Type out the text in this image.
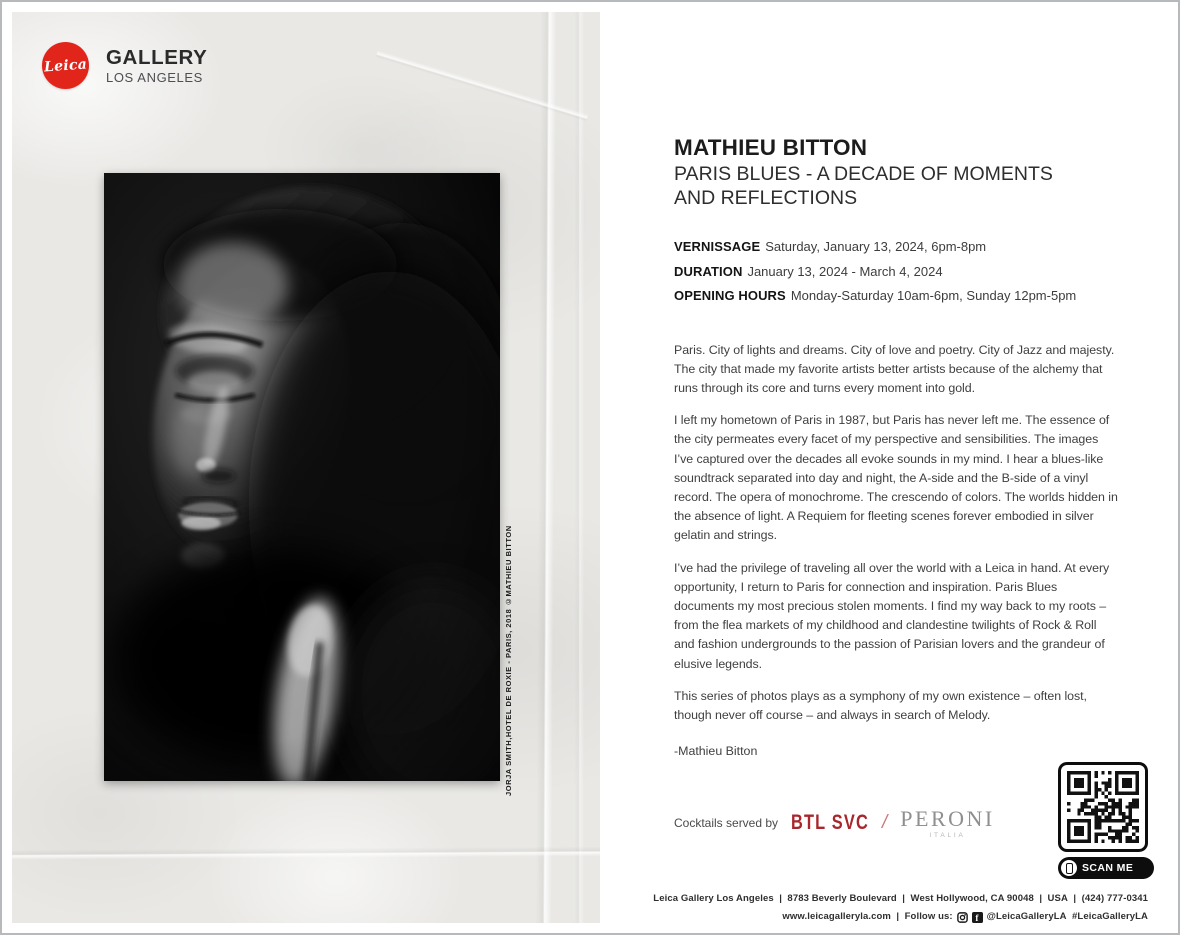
Leica GALLERY
LOS ANGELES
JORJA SMITH,HOTEL DE ROXIE - PARIS, 2018 ©MATHIEU BITTON
MATHIEU BITTON
PARIS BLUES - A DECADE OF MOMENTS
AND REFLECTIONS
VERNISSAGE Saturday, January 13, 2024, 6pm-8pm
DURATION January 13, 2024 - March 4, 2024
OPENING HOURS Monday-Saturday 10am-6pm, Sunday 12pm-5pm

Paris. City of lights and dreams. City of love and poetry. City of Jazz and majesty. The city that made my favorite artists better artists because of the alchemy that runs through its core and turns every moment into gold.

I left my hometown of Paris in 1987, but Paris has never left me. The essence of the city permeates every facet of my perspective and sensibilities. The images I’ve captured over the decades all evoke sounds in my mind. I hear a blues-like soundtrack separated into day and night, the A-side and the B-side of a vinyl record. The opera of monochrome. The crescendo of colors. The worlds hidden in the absence of light. A Requiem for fleeting scenes forever embodied in silver gelatin and strings.

I’ve had the privilege of traveling all over the world with a Leica in hand. At every opportunity, I return to Paris for connection and inspiration. Paris Blues documents my most precious stolen moments. I find my way back to my roots – from the flea markets of my childhood and clandestine twilights of Rock & Roll and fashion undergrounds to the passion of Parisian lovers and the grandeur of elusive legends.

This series of photos plays as a symphony of my own existence – often lost, though never off course – and always in search of Melody.

-Mathieu Bitton
Cocktails served by BTL SVC / PERONI
ITALIA
SCAN ME
Leica Gallery Los Angeles  |  8783 Beverly Boulevard  |  West Hollywood, CA 90048  |  USA  |  (424) 777-0341
www.leicagalleryla.com  |  Follow us:	f @LeicaGalleryLA  #LeicaGalleryLA
